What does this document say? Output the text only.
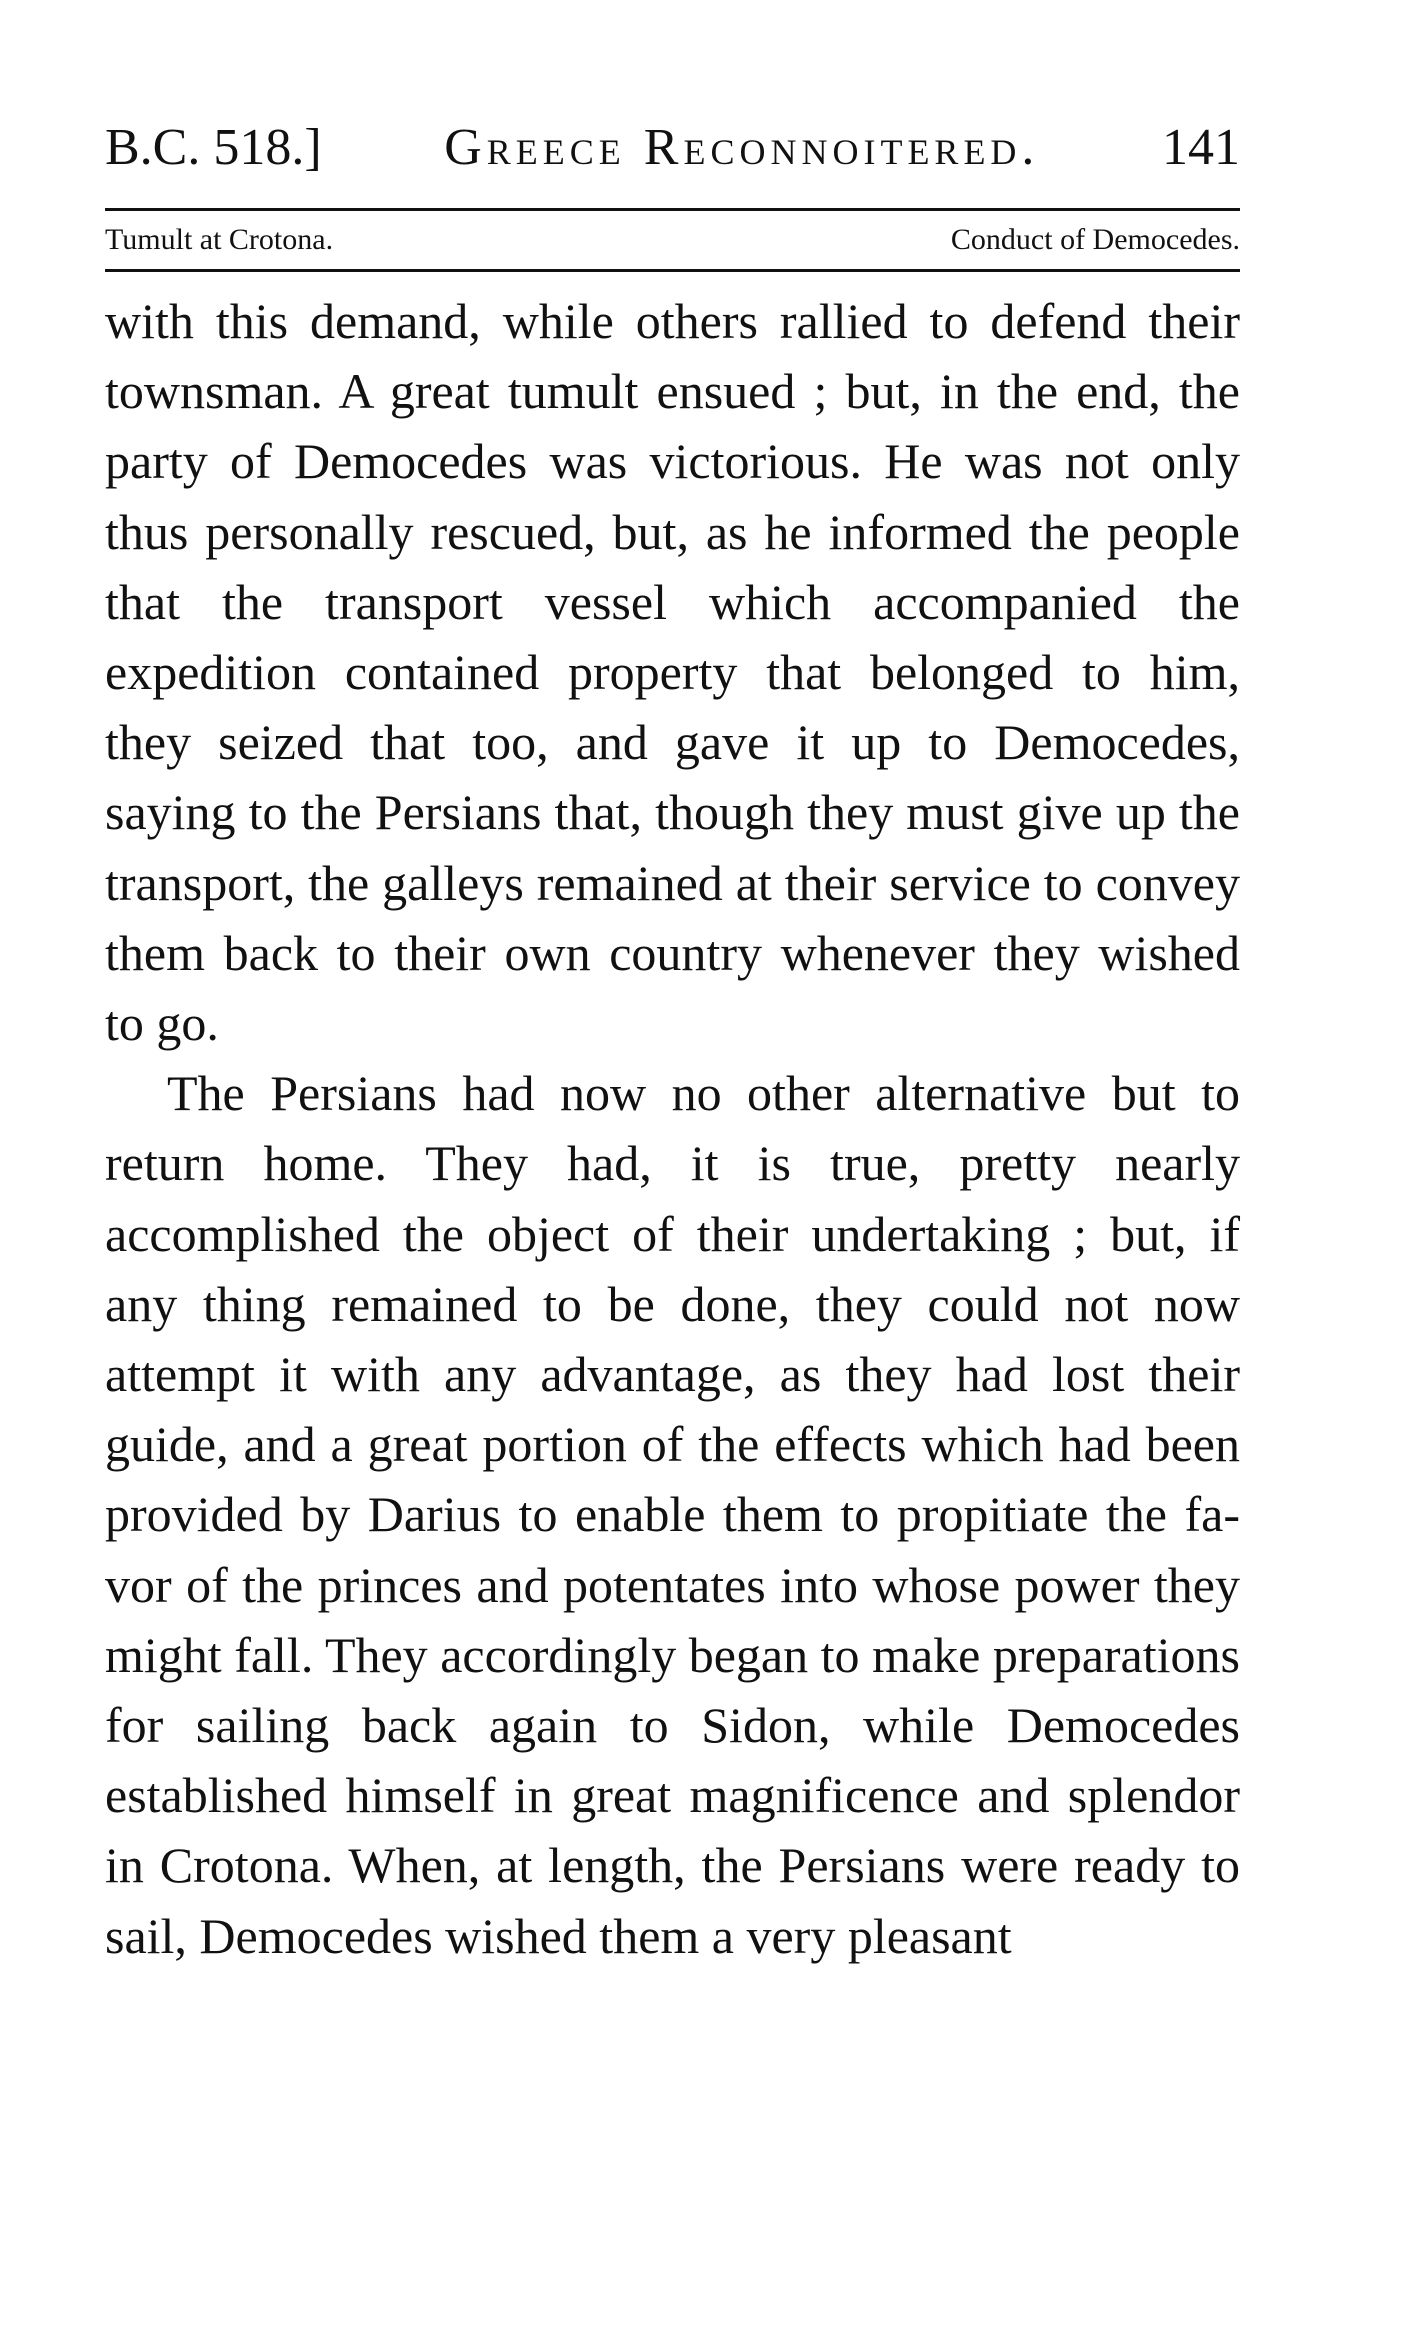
B.C. 518.] Greece Reconnoitered. 141
Tumult at Crotona.	Conduct of Democedes.

with this demand, while others rallied to defend their townsman. A great tumult ensued ; but, in the end, the party of Democedes was victorious. He was not only thus personally rescued, but, as he informed the people that the transport vessel which accompanied the expedition contained property that belonged to him, they seized that too, and gave it up to Democedes, saying to the Persians that, though they must give up the transport, the galleys remained at their service to convey them back to their own country whenever they wished to go.

The Persians had now no other alternative but to return home. They had, it is true, pretty nearly accomplished the object of their undertaking ; but, if any thing remained to be done, they could not now attempt it with any advantage, as they had lost their guide, and a great portion of the effects which had been provided by Darius to enable them to propitiate the favor of the princes and potentates into whose power they might fall. They accordingly began to make preparations for sailing back again to Sidon, while Democedes established himself in great magnificence and splendor in Crotona. When, at length, the Persians were ready to sail, Democedes wished them a very pleasant
